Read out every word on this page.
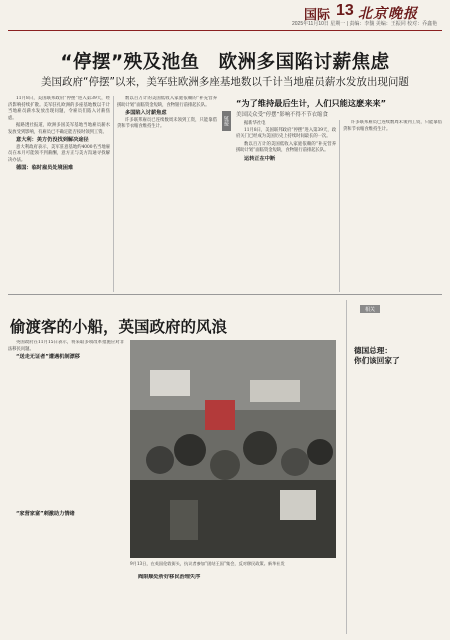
国际 13 北京晚报
2025年11月10日 星期一 | 责编：李馥 美编：王振同 校对：乔鑫艳
“停摆”殃及池鱼　欧洲多国陷讨薪焦虑
美国政府“停摆”以来，美军驻欧洲多座基地数以千计当地雇员薪水发放出现问题

11月8日，美国联邦政府“停摆”进入第39天，经济影响持续扩散。美军驻扎欧洲的多座基地数以千计当地雇员薪水发放出现问题，令雇员们陷入讨薪焦虑。

据路透社报道，欧洲多国美军基地当地雇员薪水发放受到影响，有雇员已不确定能否按时领到工资。

意大利：美方仍没找到解决途径

意大利政府表示，美军驻意基地约4000名当地雇员在本月可能领不到薪酬，意方正与美方沟通寻找解决办法。

德国：临时雇员处境困难

数以百万计的美国低收入家庭依赖的“补充营养援助计划”面临资金短缺，食物银行前排起长队。

多国陷入讨薪焦虑

许多联邦雇员已连续数周未领到工资，只能靠借贷和节衣缩食维持生计。

链接
“为了维持最后生计，人们只能这麽来来”
美国民众受“停摆”影响不得不节衣缩食

据新华社电

11月8日，美国联邦政府“停摆”进入第39天，政府关门已经成为美国历史上持续时间最长的一次。

数以百万计的美国低收入家庭依赖的“补充营养援助计划”面临资金短缺，食物银行前排起长队。

运转正在中断

许多联邦雇员已连续数周未领到工资，只能靠借贷和节衣缩食维持生计。

偷渡客的小船，英国政府的风浪

英国政府在11月15日表示，将采取多项改革措施应对非法移民问题。

“送走无证者”遭遇机制漂移

“家营家富”刺激助力情绪

9月13日，在英国伦敦街头，抗议者参加“团结王国”集会，反对移民政策。新华社发

阀限顺处析好移民治理失序

相关
德国总理：
你们该回家了
